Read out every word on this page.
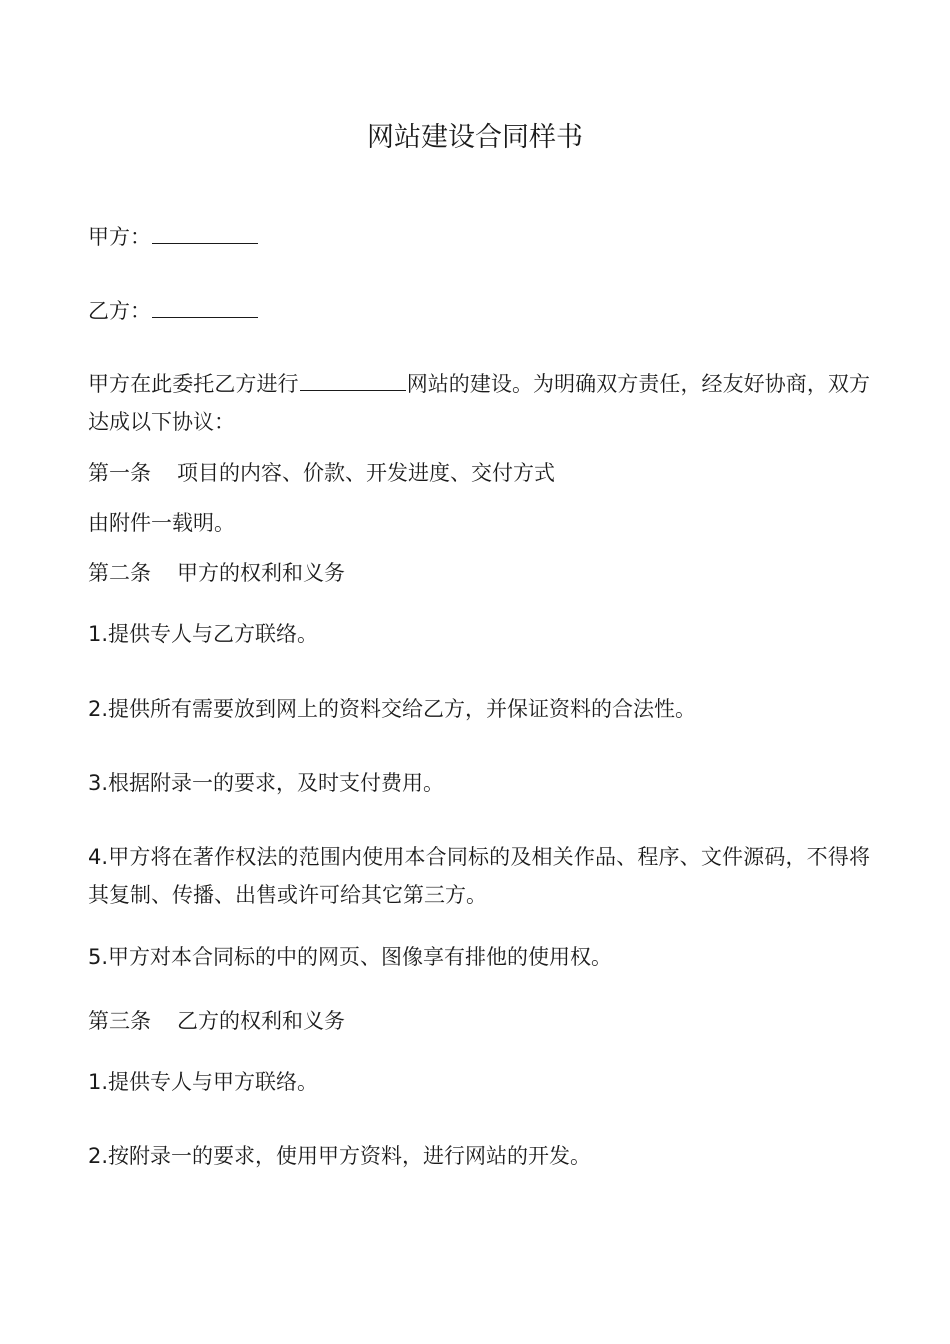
网站建设合同样书

甲方：

乙方：

甲方在此委托乙方进行	网站的建设。为明确双方责任，经友好协商，双方达成以下协议：

第一条 项目的内容、价款、开发进度、交付方式

由附件一载明。

第二条 甲方的权利和义务

1.提供专人与乙方联络。

2.提供所有需要放到网上的资料交给乙方，并保证资料的合法性。

3.根据附录一的要求，及时支付费用。

4.甲方将在著作权法的范围内使用本合同标的及相关作品、程序、文件源码，不得将其复制、传播、出售或许可给其它第三方。

5.甲方对本合同标的中的网页、图像享有排他的使用权。

第三条 乙方的权利和义务

1.提供专人与甲方联络。

2.按附录一的要求，使用甲方资料，进行网站的开发。
